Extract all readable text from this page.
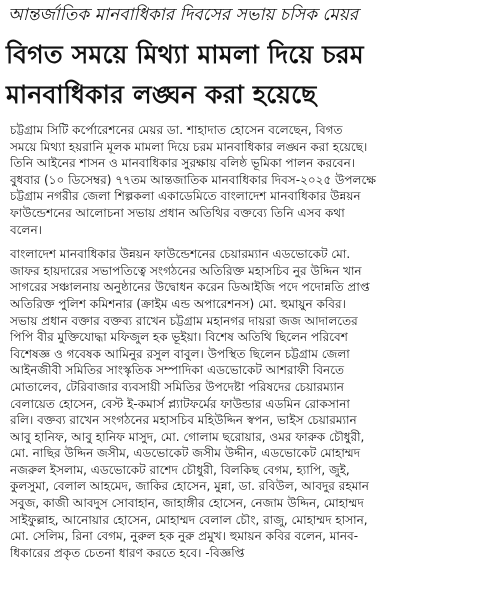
আন্তর্জাতিক মানবাধিকার দিবসের সভায় চসিক মেয়র
বিগত সময়ে মিথ্যা মামলা দিয়ে চরম
মানবাধিকার লঙ্ঘন করা হয়েছে
চট্টগ্রাম সিটি কর্পোরেশনের মেয়র ডা. শাহাদাত হোসেন বলেছেন, বিগত
সময়ে মিথ্যা হয়রানি মূলক মামলা দিয়ে চরম মানবাধিকার লঙ্ঘন করা হয়েছে।
তিনি আইনের শাসন ও মানবাধিকার সুরক্ষায় বলিষ্ঠ ভূমিকা পালন করবেন।
বুধবার (১০ ডিসেম্বর) ৭৭তম আন্তজাতিক মানবাধিকার দিবস-২০২৫ উপলক্ষে
চট্টগ্রাম নগরীর জেলা শিল্পকলা একাডেমিতে বাংলাদেশ মানবাধিকার উন্নয়ন
ফাউন্ডেশনের আলোচনা সভায় প্রধান অতিথির বক্তব্যে তিনি এসব কথা
বলেন।
বাংলাদেশ মানবাধিকার উন্নয়ন ফাউন্ডেশনের চেয়ারম্যান এডভোকেট মো.
জাফর হায়দারের সভাপতিত্বে সংগঠনের অতিরিক্ত মহাসচিব নুর উদ্দিন খান
সাগরের সঞ্চালনায় অনুষ্ঠানের উদ্বোধন করেন ডিআইজি পদে পদোন্নতি প্রাপ্ত
অতিরিক্ত পুলিশ কমিশনার (ক্রাইম এন্ড অপারেশনস) মো. হুমায়ুন কবির।
সভায় প্রধান বক্তার বক্তব্য রাখেন চট্টগ্রাম মহানগর দায়রা জজ আদালতের
পিপি বীর মুক্তিযোদ্ধা মফিজুল হক ভূইয়া। বিশেষ অতিথি ছিলেন পরিবেশ
বিশেষজ্ঞ ও গবেষক আমিনুর রসুল বাবুল। উপস্থিত ছিলেন চট্টগ্রাম জেলা
আইনজীবী সমিতির সাংস্কৃতিক সম্পাদিকা এডভোকেট আশরাফী বিনতে
মোতালেব, টেরিবাজার ব্যবসায়ী সমিতির উপদেষ্টা পরিষদের চেয়ারম্যান
বেলায়েত হোসেন, বেস্ট ই-কমার্স প্ল্যাটফর্মের ফাউন্ডার এডমিন রোকসানা
রলি। বক্তব্য রাখেন সংগঠনের মহাসচিব মহিউদ্দিন স্বপন, ভাইস চেয়ারম্যান
আবু হানিফ, আবু হানিফ মাসুদ, মো. গোলাম ছরোয়ার, ওমর ফারুক চৌধুরী,
মো. নাছির উদ্দিন জসীম, এডভোকেট জসীম উদ্দীন, এডভোকেট মোহাম্মদ
নজরুল ইসলাম, এডভোকেট রাশেদ চৌধুরী, বিলকিছ বেগম, হ্যাপি, জুই,
কুলসুমা, বেলাল আহমেদ, জাকির হোসেন, মুন্না, ডা. রবিউল, আবদুর রহমান
সবুজ, কাজী আবদুস সোবাহান, জাহাঙ্গীর হোসেন, নেজাম উদ্দিন, মোহাম্মদ
সাইফুল্লাহ, আনোয়ার হোসেন, মোহাম্মদ বেলাল চৌং, রাজু, মোহাম্মদ হাসান,
মো. সেলিম, রিনা বেগম, নুরুল হক নুরু প্রমুখ। হুমায়ন কবির বলেন, মানব-
ধিকারের প্রকৃত চেতনা ধারণ করতে হবে। -বিজ্ঞপ্তি
